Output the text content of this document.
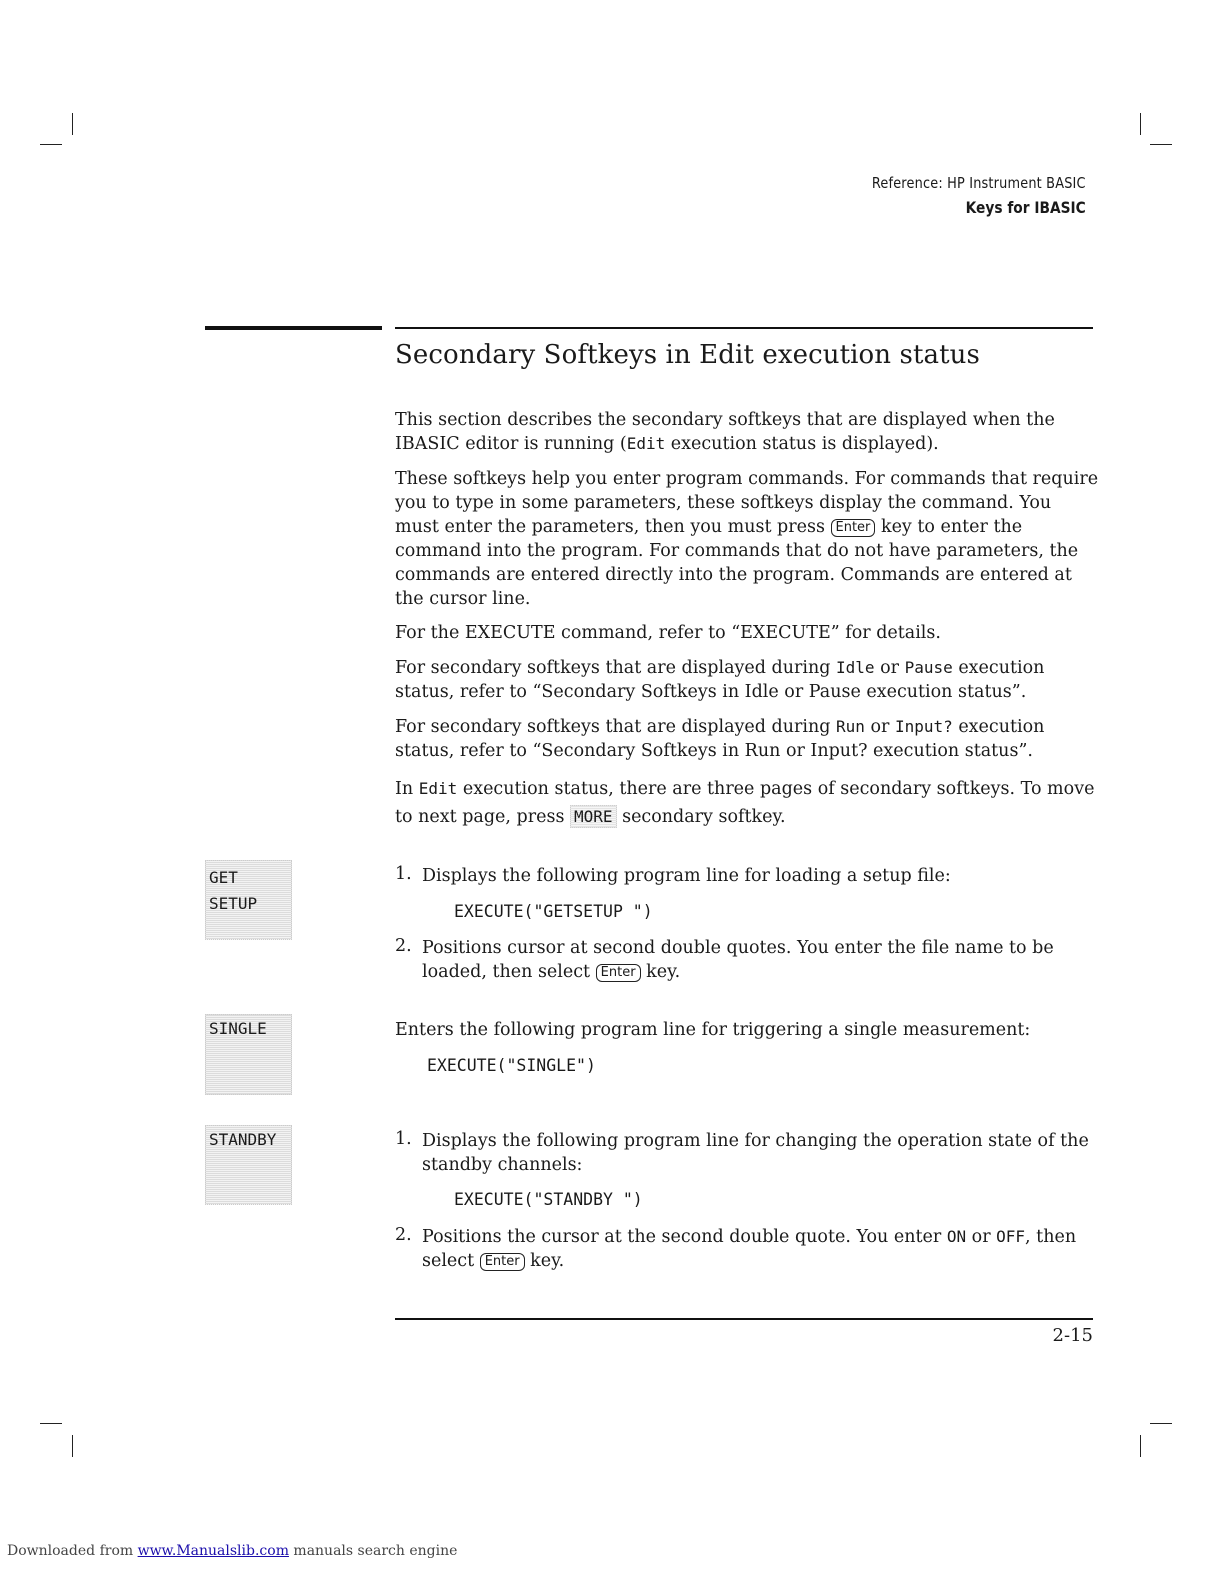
Reference: HP Instrument BASIC
Keys for IBASIC
Secondary Softkeys in Edit execution status

This section describes the secondary softkeys that are displayed when the IBASIC editor is running (Edit execution status is displayed).

These softkeys help you enter program commands. For commands that require you to type in some parameters, these softkeys display the command. You must enter the parameters, then you must press Enter key to enter the command into the program. For commands that do not have parameters, the commands are entered directly into the program. Commands are entered at the cursor line.

For the EXECUTE command, refer to “EXECUTE” for details.

For secondary softkeys that are displayed during Idle or Pause execution status, refer to “Secondary Softkeys in Idle or Pause execution status”.

For secondary softkeys that are displayed during Run or Input? execution status, refer to “Secondary Softkeys in Run or Input? execution status”.

In Edit execution status, there are three pages of secondary softkeys. To move to next page, press MORE secondary softkey.

GET
SETUP
1. Displays the following program line for loading a setup file:

EXECUTE("GETSETUP ")
2. Positions cursor at second double quotes. You enter the file name to be loaded, then select Enter key.

SINGLE	Enters the following program line for triggering a single measurement:

EXECUTE("SINGLE")
STANDBY	1. Displays the following program line for changing the operation state of the standby channels:

EXECUTE("STANDBY ")
2. Positions the cursor at the second double quote. You enter ON or OFF, then select Enter key.

2-15
Downloaded from www.Manualslib.com manuals search engine
